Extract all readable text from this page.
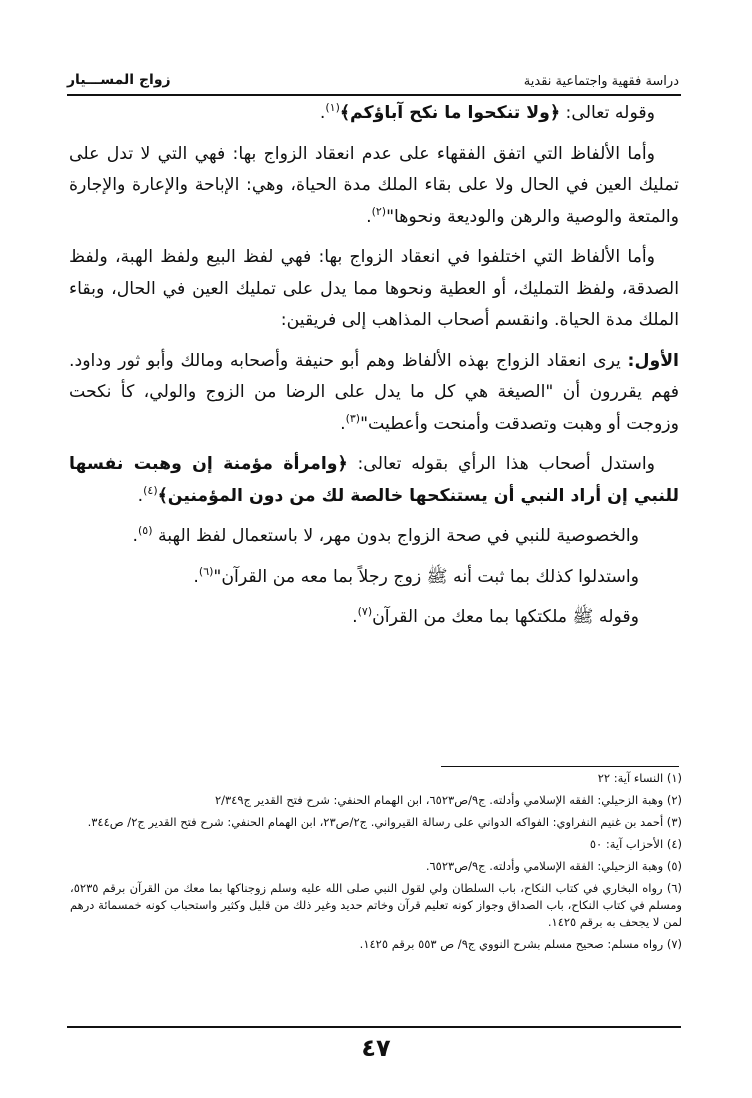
دراسة فقهية واجتماعية نقدية
زواج المســـيار

وقوله تعالى: ﴿ولا تنكحوا ما نكح آباؤكم﴾$^{(١)}$.

وأما الألفاظ التي اتفق الفقهاء على عدم انعقاد الزواج بها: فهي التي لا تدل على تمليك العين في الحال ولا على بقاء الملك مدة الحياة، وهي: الإباحة والإعارة والإجارة والمتعة والوصية والرهن والوديعة ونحوها"$^{(٢)}$.

وأما الألفاظ التي اختلفوا في انعقاد الزواج بها: فهي لفظ البيع ولفظ الهبة، ولفظ الصدقة، ولفظ التمليك، أو العطية ونحوها مما يدل على تمليك العين في الحال، وبقاء الملك مدة الحياة. وانقسم أصحاب المذاهب إلى فريقين:

الأول: يرى انعقاد الزواج بهذه الألفاظ وهم أبو حنيفة وأصحابه ومالك وأبو ثور وداود. فهم يقررون أن "الصيغة هي كل ما يدل على الرضا من الزوج والولي، كأ نكحت وزوجت أو وهبت وتصدقت وأمنحت وأعطيت"$^{(٣)}$.

واستدل أصحاب هذا الرأي بقوله تعالى: ﴿وامرأة مؤمنة إن وهبت نفسها للنبي إن أراد النبي أن يستنكحها خالصة لك من دون المؤمنين﴾$^{(٤)}$.

والخصوصية للنبي في صحة الزواج بدون مهر، لا باستعمال لفظ الهبة $^{(٥)}$.

واستدلوا كذلك بما ثبت أنه ﷺ زوج رجلاً بما معه من القرآن"$^{(٦)}$.

وقوله ﷺ ملكتكها بما معك من القرآن$^{(٧)}$.

(١) النساء آية: ٢٢

(٢) وهبة الزحيلي: الفقه الإسلامي وأدلته. ج٩/ص٦٥٢٣، ابن الهمام الحنفي: شرح فتح القدير ج٢/٣٤٩

(٣) أحمد بن غنيم النفراوي: الفواكه الدواني على رسالة القيرواني. ج٢/ص٢٣، ابن الهمام الحنفي: شرح فتح القدير ج٢/ ص٣٤٤.

(٤) الأحزاب آية: ٥٠

(٥) وهبة الزحيلي: الفقه الإسلامي وأدلته. ج٩/ص٦٥٢٣.

(٦) رواه البخاري في كتاب النكاح، باب السلطان ولي لقول النبي صلى الله عليه وسلم زوجناكها بما معك من القرآن برقم ٥٢٣٥، ومسلم في كتاب النكاح، باب الصداق وجواز كونه تعليم قرآن وخاتم حديد وغير ذلك من قليل وكثير واستحباب كونه خمسمائة درهم لمن لا يجحف به برقم ١٤٢٥.

(٧) رواه مسلم: صحيح مسلم بشرح النووي ج٩/ ص ٥٥٣ برقم ١٤٢٥.

٤٧
